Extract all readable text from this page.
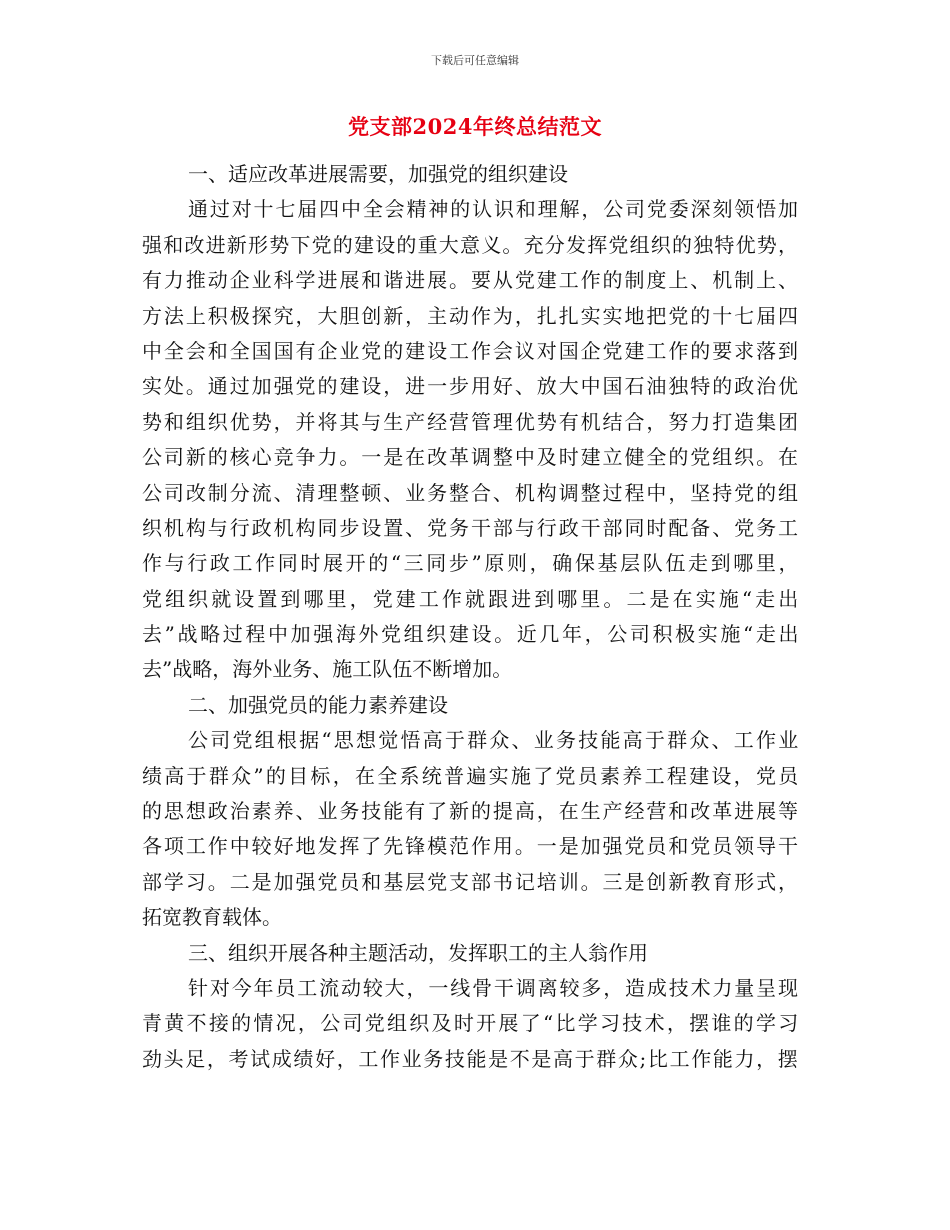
下载后可任意编辑
党支部2024年终总结范文
一、适应改革进展需要，加强党的组织建设
通过对十七届四中全会精神的认识和理解，公司党委深刻领悟加
强和改进新形势下党的建设的重大意义。充分发挥党组织的独特优势，
有力推动企业科学进展和谐进展。要从党建工作的制度上、机制上、
方法上积极探究，大胆创新，主动作为，扎扎实实地把党的十七届四
中全会和全国国有企业党的建设工作会议对国企党建工作的要求落到
实处。通过加强党的建设，进一步用好、放大中国石油独特的政治优
势和组织优势，并将其与生产经营管理优势有机结合，努力打造集团
公司新的核心竞争力。一是在改革调整中及时建立健全的党组织。在
公司改制分流、清理整顿、业务整合、机构调整过程中，坚持党的组
织机构与行政机构同步设置、党务干部与行政干部同时配备、党务工
作与行政工作同时展开的“三同步”原则，确保基层队伍走到哪里，
党组织就设置到哪里，党建工作就跟进到哪里。二是在实施“走出
去”战略过程中加强海外党组织建设。近几年，公司积极实施“走出
去”战略，海外业务、施工队伍不断增加。
二、加强党员的能力素养建设
公司党组根据“思想觉悟高于群众、业务技能高于群众、工作业
绩高于群众”的目标，在全系统普遍实施了党员素养工程建设，党员
的思想政治素养、业务技能有了新的提高，在生产经营和改革进展等
各项工作中较好地发挥了先锋模范作用。一是加强党员和党员领导干
部学习。二是加强党员和基层党支部书记培训。三是创新教育形式，
拓宽教育载体。
三、组织开展各种主题活动，发挥职工的主人翁作用
针对今年员工流动较大，一线骨干调离较多，造成技术力量呈现
青黄不接的情况，公司党组织及时开展了“比学习技术，摆谁的学习
劲头足，考试成绩好，工作业务技能是不是高于群众;比工作能力，摆
